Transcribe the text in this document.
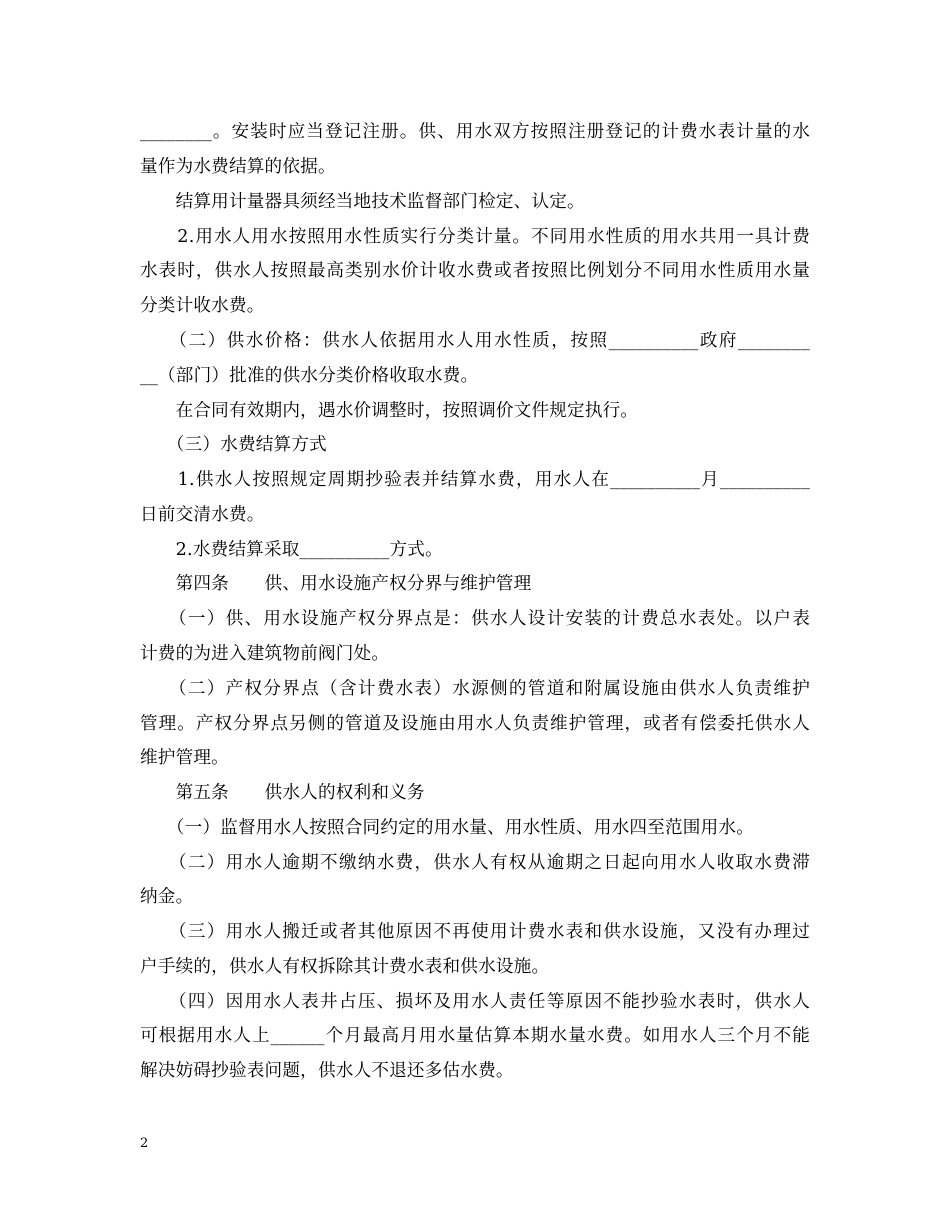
________。安装时应当登记注册。供、用水双方按照注册登记的计费水表计量的水
量作为水费结算的依据。
　　结算用计量器具须经当地技术监督部门检定、认定。
　　2.用水人用水按照用水性质实行分类计量。不同用水性质的用水共用一具计费
水表时，供水人按照最高类别水价计收水费或者按照比例划分不同用水性质用水量
分类计收水费。
　　（二）供水价格：供水人依据用水人用水性质，按照__________政府________
__（部门）批准的供水分类价格收取水费。
　　在合同有效期内，遇水价调整时，按照调价文件规定执行。
　　（三）水费结算方式
　　1.供水人按照规定周期抄验表并结算水费，用水人在__________月__________
日前交清水费。
　　2.水费结算采取__________方式。
　　第四条　　供、用水设施产权分界与维护管理
　　（一）供、用水设施产权分界点是：供水人设计安装的计费总水表处。以户表
计费的为进入建筑物前阀门处。
　　（二）产权分界点（含计费水表）水源侧的管道和附属设施由供水人负责维护
管理。产权分界点另侧的管道及设施由用水人负责维护管理，或者有偿委托供水人
维护管理。
　　第五条　　供水人的权利和义务
　　（一）监督用水人按照合同约定的用水量、用水性质、用水四至范围用水。
　　（二）用水人逾期不缴纳水费，供水人有权从逾期之日起向用水人收取水费滞
纳金。
　　（三）用水人搬迁或者其他原因不再使用计费水表和供水设施，又没有办理过
户手续的，供水人有权拆除其计费水表和供水设施。
　　（四）因用水人表井占压、损坏及用水人责任等原因不能抄验水表时，供水人
可根据用水人上______个月最高月用水量估算本期水量水费。如用水人三个月不能
解决妨碍抄验表问题，供水人不退还多估水费。
2
